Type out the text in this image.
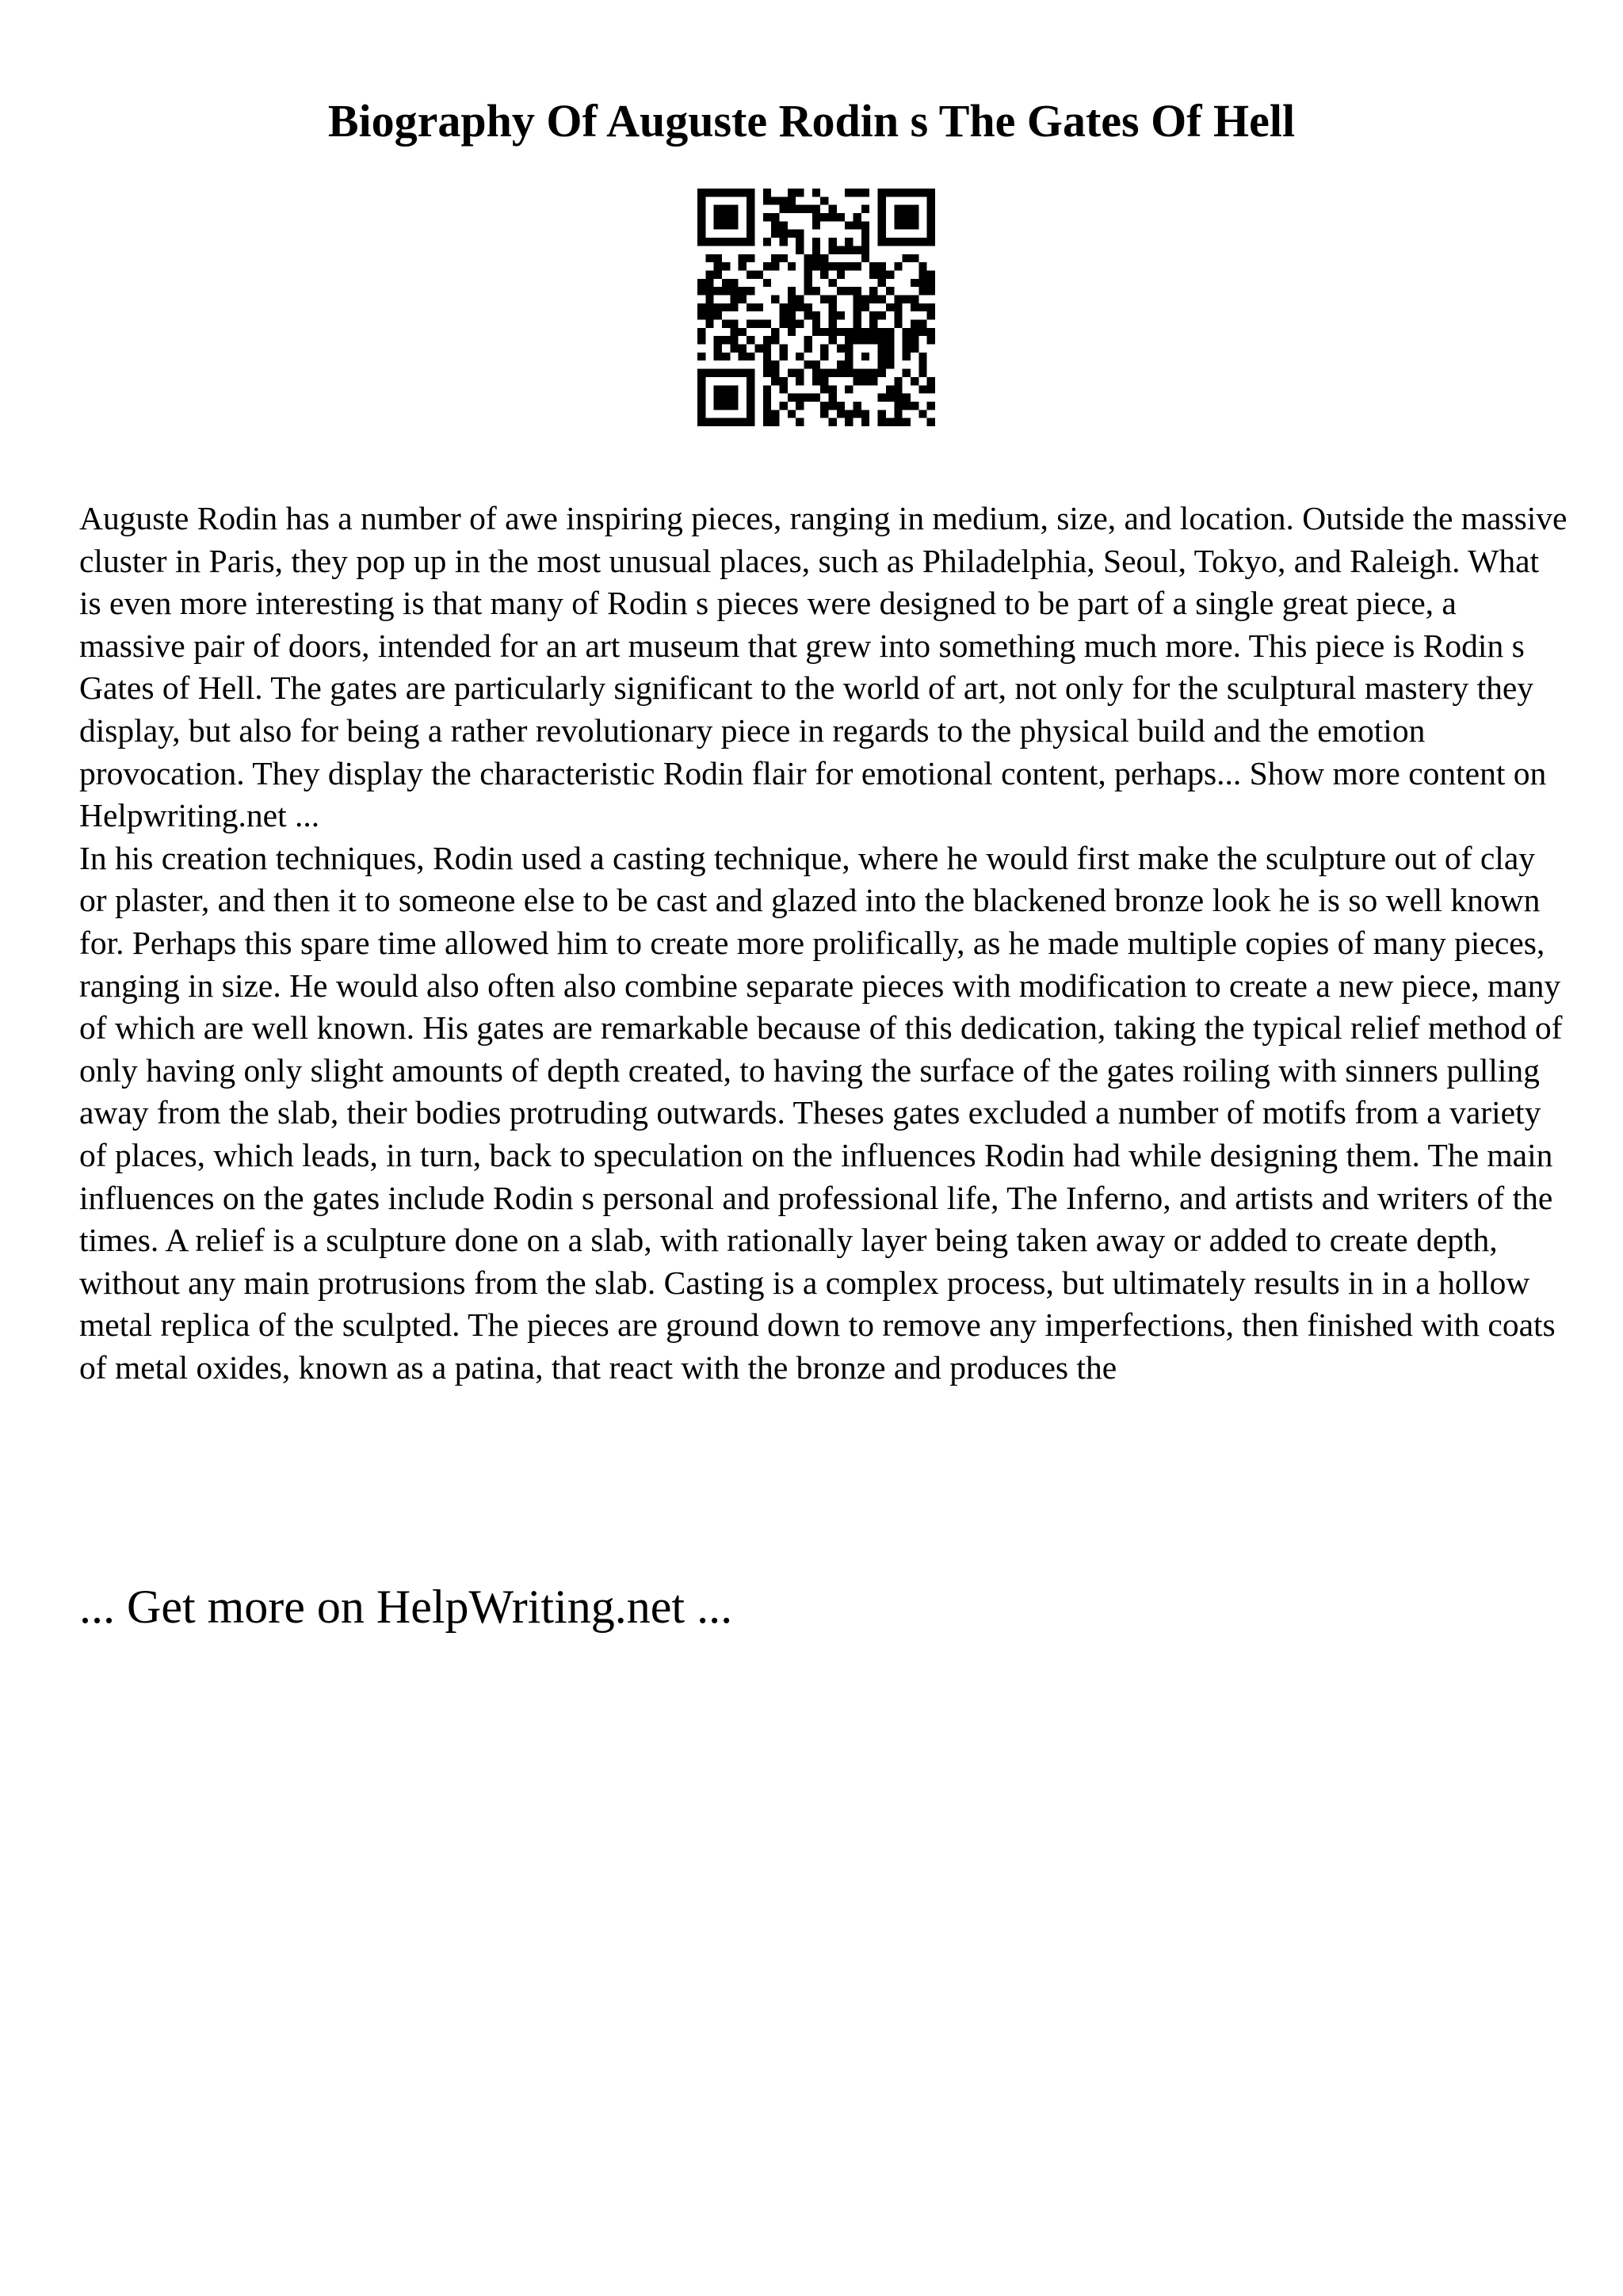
Biography Of Auguste Rodin s The Gates Of Hell

Auguste Rodin has a number of awe inspiring pieces, ranging in medium, size, and location. Outside the massive cluster in Paris, they pop up in the most unusual places, such as Philadelphia, Seoul, Tokyo, and Raleigh. What is even more interesting is that many of Rodin s pieces were designed to be part of a single great piece, a massive pair of doors, intended for an art museum that grew into something much more. This piece is Rodin s Gates of Hell. The gates are particularly significant to the world of art, not only for the sculptural mastery they display, but also for being a rather revolutionary piece in regards to the physical build and the emotion provocation. They display the characteristic Rodin flair for emotional content, perhaps... Show more content on Helpwriting.net ...

In his creation techniques, Rodin used a casting technique, where he would first make the sculpture out of clay or plaster, and then it to someone else to be cast and glazed into the blackened bronze look he is so well known for. Perhaps this spare time allowed him to create more prolifically, as he made multiple copies of many pieces, ranging in size. He would also often also combine separate pieces with modification to create a new piece, many of which are well known. His gates are remarkable because of this dedication, taking the typical relief method of only having only slight amounts of depth created, to having the surface of the gates roiling with sinners pulling away from the slab, their bodies protruding outwards. Theses gates excluded a number of motifs from a variety of places, which leads, in turn, back to speculation on the influences Rodin had while designing them. The main influences on the gates include Rodin s personal and professional life, The Inferno, and artists and writers of the times. A relief is a sculpture done on a slab, with rationally layer being taken away or added to create depth, without any main protrusions from the slab. Casting is a complex process, but ultimately results in in a hollow metal replica of the sculpted. The pieces are ground down to remove any imperfections, then finished with coats of metal oxides, known as a patina, that react with the bronze and produces the

... Get more on HelpWriting.net ...
